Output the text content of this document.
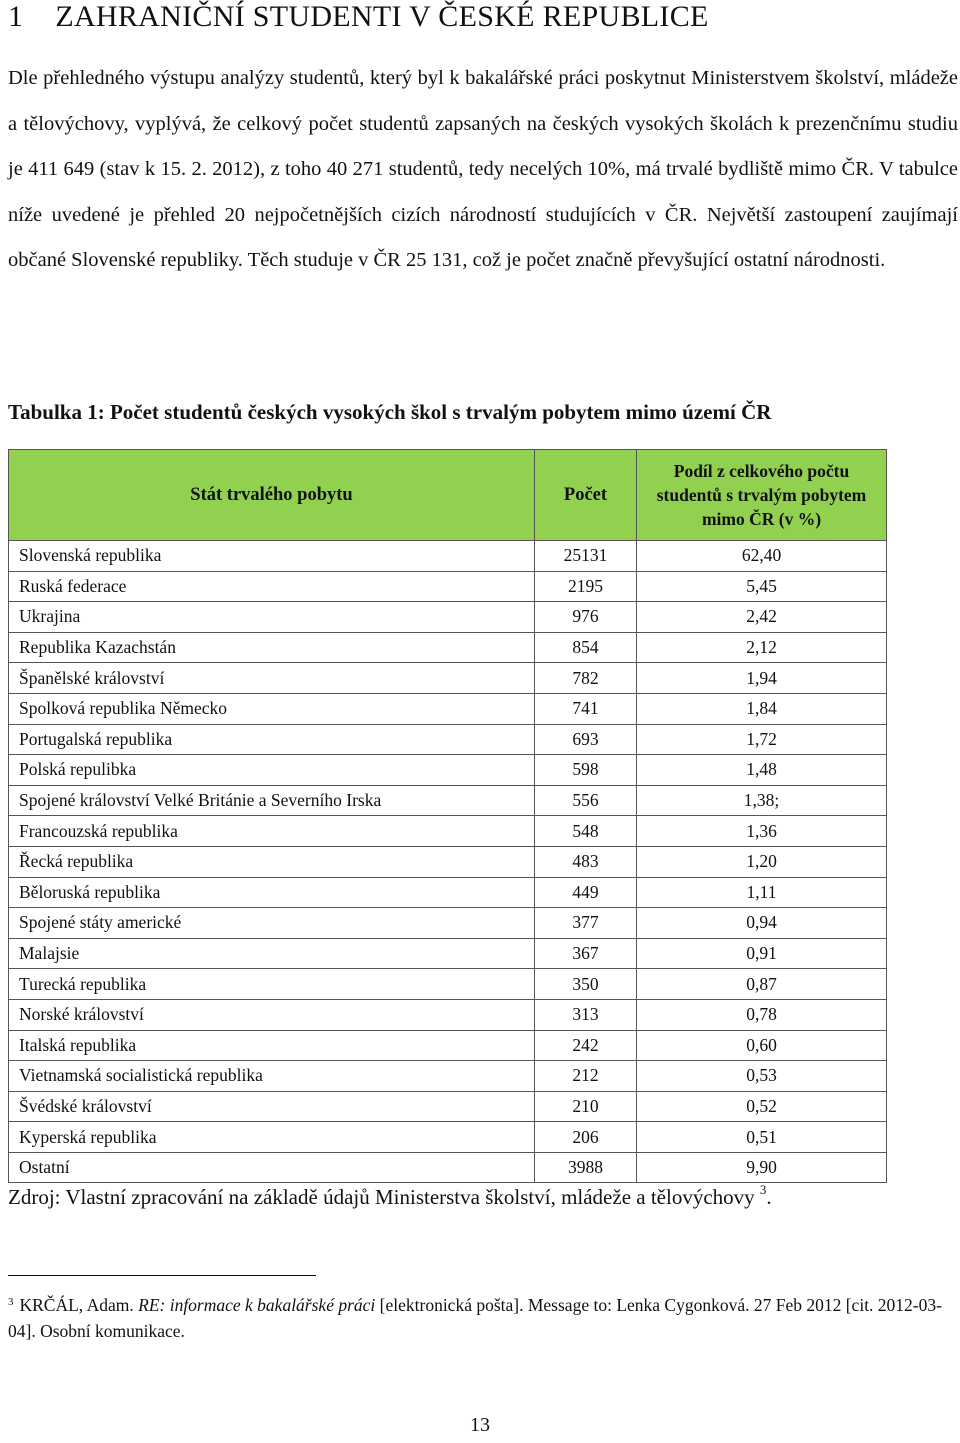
1 ZAHRANIČNÍ STUDENTI V ČESKÉ REPUBLICE

Dle přehledného výstupu analýzy studentů, který byl k bakalářské práci poskytnut Ministerstvem školství, mládeže a tělovýchovy, vyplývá, že celkový počet studentů zapsaných na českých vysokých školách k prezenčnímu studiu je 411 649 (stav k 15. 2. 2012), z toho 40 271 studentů, tedy necelých 10%, má trvalé bydliště mimo ČR. V tabulce níže uvedené je přehled 20 nejpočetnějších cizích národností studujících v ČR. Největší zastoupení zaujímají občané Slovenské republiky. Těch studuje v ČR 25 131, což je počet značně převyšující ostatní národnosti.

Tabulka 1: Počet studentů českých vysokých škol s trvalým pobytem mimo území ČR

Stát trvalého pobytu	Počet	Podíl z celkového počtu studentů s trvalým pobytem mimo ČR (v %)
Slovenská republika	25131	62,40
Ruská federace	2195	5,45
Ukrajina	976	2,42
Republika Kazachstán	854	2,12
Španělské království	782	1,94
Spolková republika Německo	741	1,84
Portugalská republika	693	1,72
Polská repulibka	598	1,48
Spojené království Velké Británie a Severního Irska	556	1,38;
Francouzská republika	548	1,36
Řecká republika	483	1,20
Běloruská republika	449	1,11
Spojené státy americké	377	0,94
Malajsie	367	0,91
Turecká republika	350	0,87
Norské království	313	0,78
Italská republika	242	0,60
Vietnamská socialistická republika	212	0,53
Švédské království	210	0,52
Kyperská republika	206	0,51
Ostatní	3988	9,90

Zdroj: Vlastní zpracování na základě údajů Ministerstva školství, mládeže a tělovýchovy $^3$.

$^3$ KRČÁL, Adam. RE: informace k bakalářské práci [elektronická pošta]. Message to: Lenka Cygonková. 27 Feb 2012 [cit. 2012-03-04]. Osobní komunikace.

13
